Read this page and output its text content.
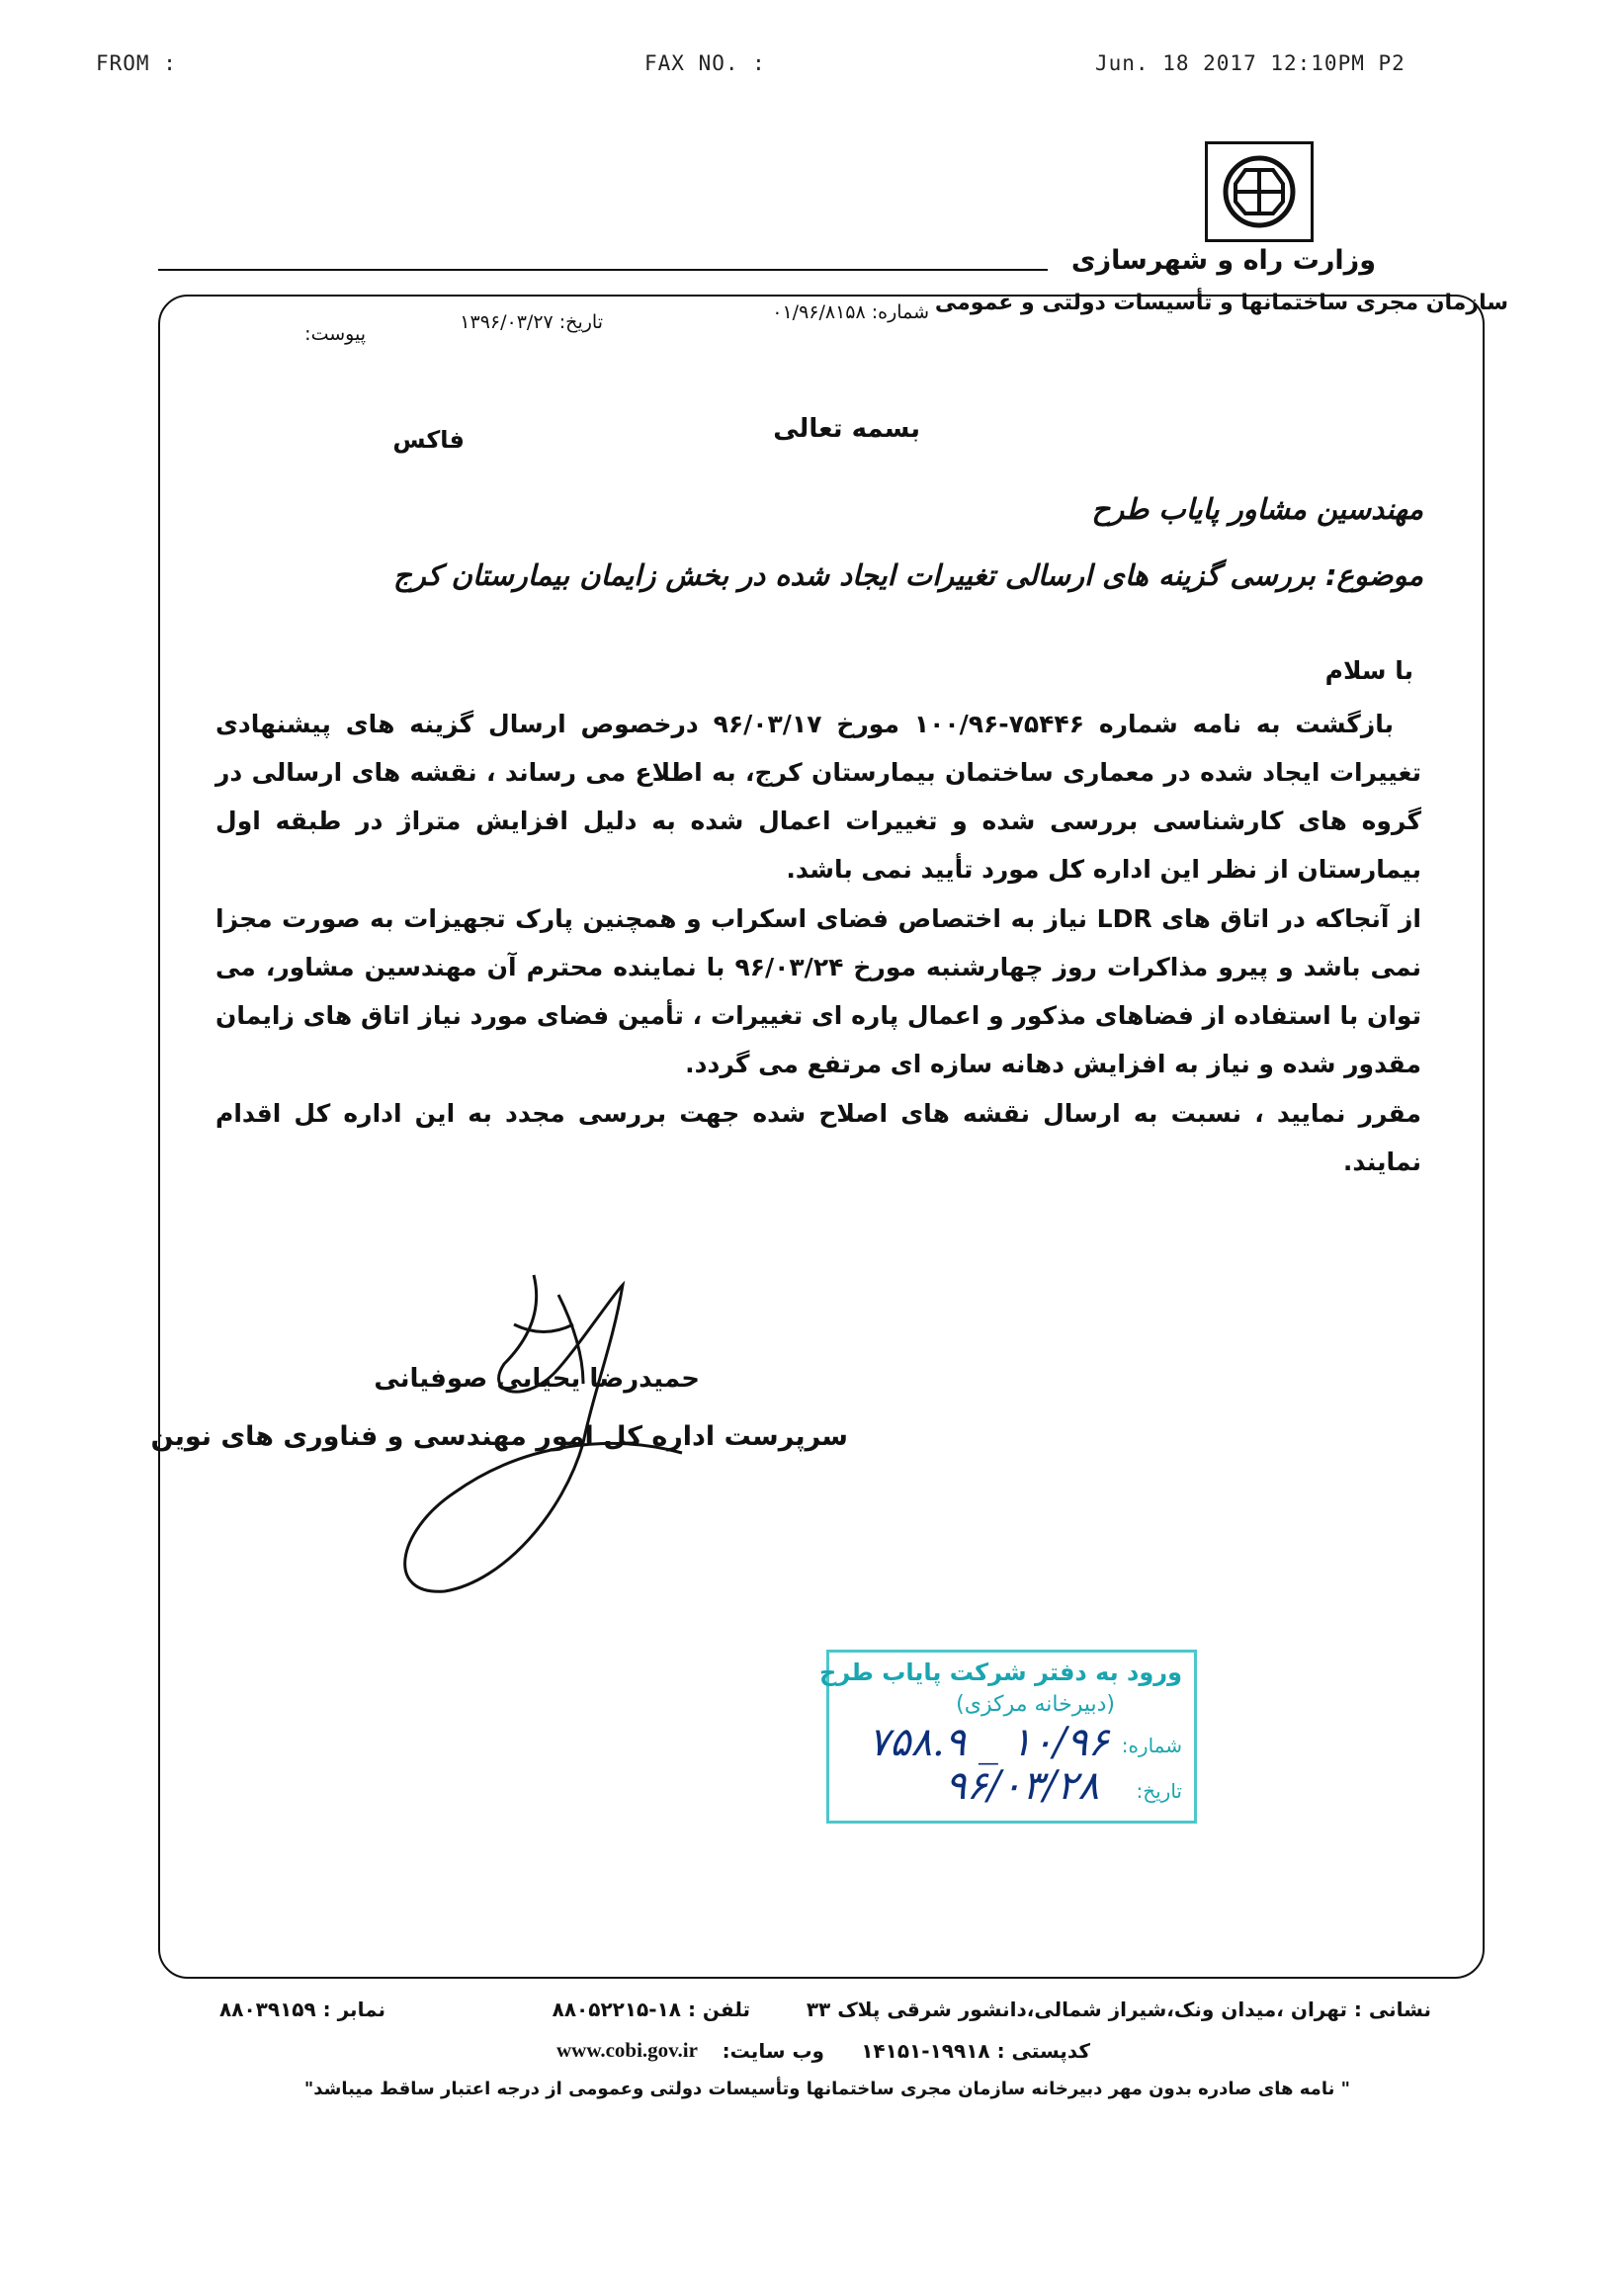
FROM :	FAX NO. :	Jun. 18 2017 12:10PM P2
وزارت راه و شهرسازی
سازمان مجری ساختمانها و تأسیسات دولتی و عمومی
شماره: ۰۱/۹۶/۸۱۵۸
تاریخ: ۱۳۹۶/۰۳/۲۷
پیوست:
بسمه تعالی
فاکس
مهندسین مشاور پایاب طرح
موضوع: بررسی گزینه های ارسالی تغییرات ایجاد شده در بخش زایمان بیمارستان کرج
با سلام
بازگشت به نامه شماره ۷۵۴۴۶-۱۰۰/۹۶ مورخ ۹۶/۰۳/۱۷ درخصوص ارسال گزینه های پیشنهادی تغییرات ایجاد شده در معماری ساختمان بیمارستان کرج، به اطلاع می رساند ، نقشه های ارسالی در گروه های کارشناسی بررسی شده و تغییرات اعمال شده به دلیل افزایش متراژ در طبقه اول بیمارستان از نظر این اداره کل مورد تأیید نمی باشد.
از آنجاکه در اتاق های LDR نیاز به اختصاص فضای اسکراب و همچنین پارک تجهیزات به صورت مجزا نمی باشد و پیرو مذاکرات روز چهارشنبه مورخ ۹۶/۰۳/۲۴ با نماینده محترم آن مهندسین مشاور، می توان با استفاده از فضاهای مذکور و اعمال پاره ای تغییرات ، تأمین فضای مورد نیاز اتاق های زایمان مقدور شده و نیاز به افزایش دهانه سازه ای مرتفع می گردد.
مقرر نمایید ، نسبت به ارسال نقشه های اصلاح شده جهت بررسی مجدد به این اداره کل اقدام نمایند.
حمیدرضا یحیایی صوفیانی
سرپرست اداره کل امور مهندسی و فناوری های نوین
ورود به دفتر شرکت پایاب طرح
(دبیرخانه مرکزی)
شماره:
۱۰/۹۶ _ ۷۵۸.۹
تاریخ:
۹۶/۰۳/۲۸
نشانی : تهران ،میدان ونک،شیراز شمالی،دانشور شرقی پلاک ۳۳
تلفن : ۱۸-۸۸۰۵۲۲۱۵
نمابر : ۸۸۰۳۹۱۵۹
کدپستی : ۱۹۹۱۸-۱۴۱۵۱
وب سایت:
www.cobi.gov.ir
" نامه های صادره بدون مهر دبیرخانه سازمان مجری ساختمانها وتأسیسات دولتی وعمومی از درجه اعتبار ساقط میباشد"
